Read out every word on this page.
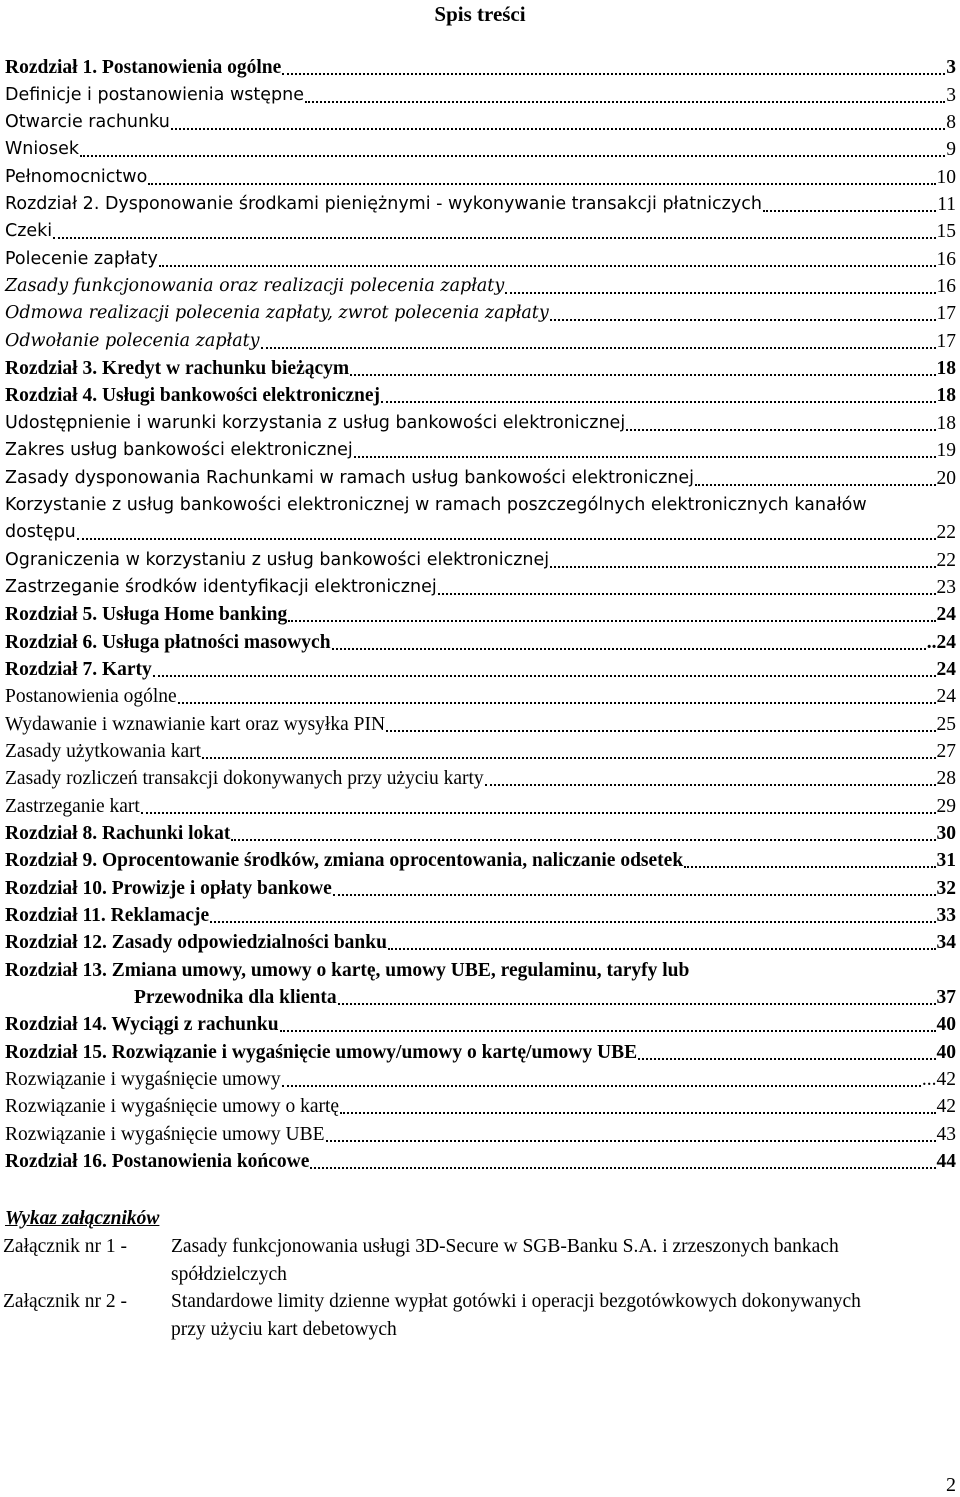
Spis treści
Rozdział 1. Postanowienia ogólne	3
Definicje i postanowienia wstępne	3
Otwarcie rachunku	8
Wniosek	9
Pełnomocnictwo	10
Rozdział 2. Dysponowanie środkami pieniężnymi - wykonywanie transakcji płatniczych	11
Czeki	15
Polecenie zapłaty	16
Zasady funkcjonowania oraz realizacji polecenia zapłaty	16
Odmowa realizacji polecenia zapłaty, zwrot polecenia zapłaty	17
Odwołanie polecenia zapłaty	17
Rozdział 3. Kredyt w rachunku bieżącym	18
Rozdział 4. Usługi bankowości elektronicznej	18
Udostępnienie i warunki korzystania z usług bankowości elektronicznej	18
Zakres usług bankowości elektronicznej	19
Zasady dysponowania Rachunkami w ramach usług bankowości elektronicznej	20
Korzystanie z usług bankowości elektronicznej w ramach poszczególnych elektronicznych kanałów
dostępu	22
Ograniczenia w korzystaniu z usług bankowości elektronicznej	22
Zastrzeganie środków identyfikacji elektronicznej	23
Rozdział 5. Usługa Home banking	24
Rozdział 6. Usługa płatności masowych	..24
Rozdział 7. Karty	24
Postanowienia ogólne	24
Wydawanie i wznawianie kart oraz wysyłka PIN	25
Zasady użytkowania kart	27
Zasady rozliczeń transakcji dokonywanych przy użyciu karty	28
Zastrzeganie kart	29
Rozdział 8. Rachunki lokat	30
Rozdział 9. Oprocentowanie środków, zmiana oprocentowania, naliczanie odsetek	31
Rozdział 10. Prowizje i opłaty bankowe	32
Rozdział 11. Reklamacje	33
Rozdział 12. Zasady odpowiedzialności banku	34
Rozdział 13. Zmiana umowy, umowy o kartę, umowy UBE, regulaminu, taryfy lub
Przewodnika dla klienta	37
Rozdział 14. Wyciągi z rachunku	40
Rozdział 15. Rozwiązanie i wygaśnięcie umowy/umowy o kartę/umowy UBE	40
Rozwiązanie i wygaśnięcie umowy	...42
Rozwiązanie i wygaśnięcie umowy o kartę	42
Rozwiązanie i wygaśnięcie umowy UBE	43
Rozdział 16. Postanowienia końcowe	44
Wykaz załączników
Załącznik nr 1 -	Zasady funkcjonowania usługi 3D-Secure w SGB-Banku S.A. i zrzeszonych bankach spółdzielczych
Załącznik nr 2 -	Standardowe limity dzienne wypłat gotówki i operacji bezgotówkowych dokonywanych przy użyciu kart debetowych
2
